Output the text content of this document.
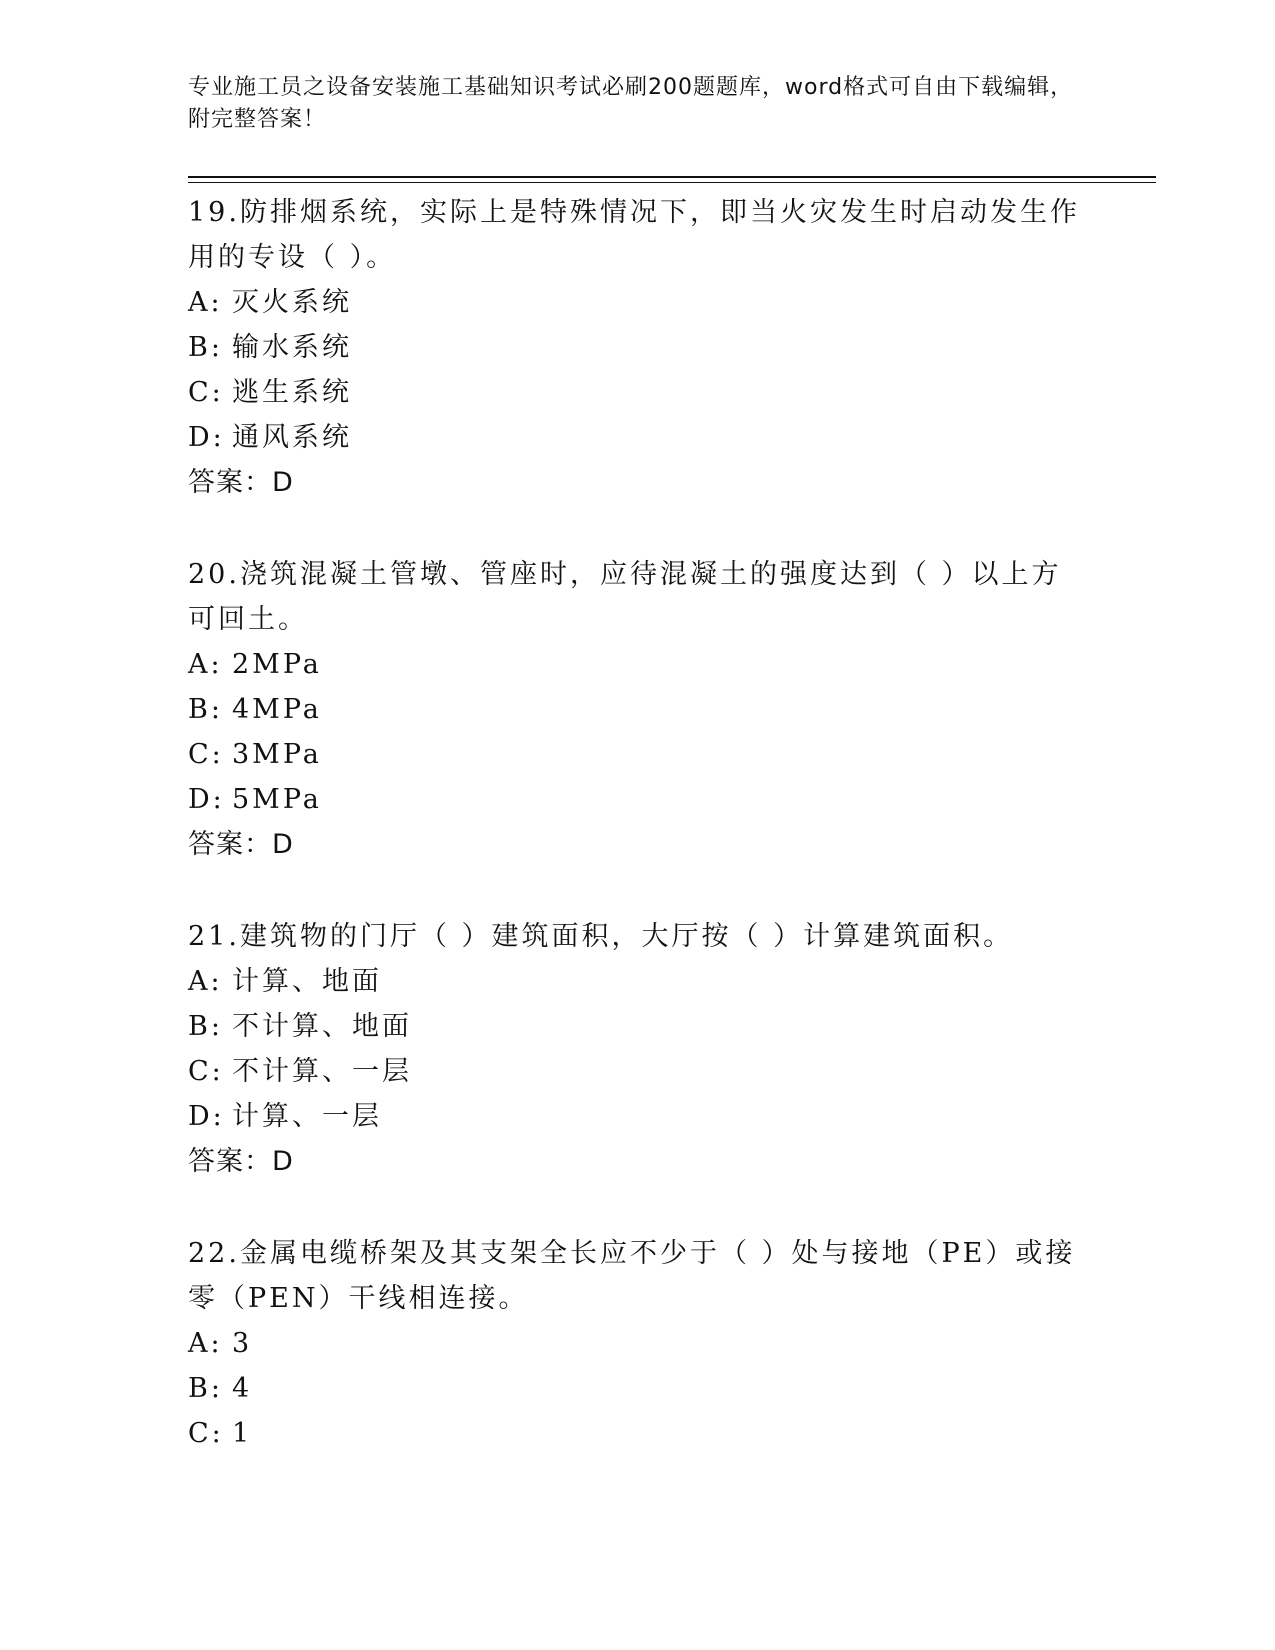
专业施工员之设备安装施工基础知识考试必刷200题题库，word格式可自由下载编辑，附完整答案！

19.防排烟系统，实际上是特殊情况下，即当火灾发生时启动发生作用的专设（ ）。

A: 灭火系统
B: 输水系统
C: 逃生系统
D: 通风系统
答案：D

20.浇筑混凝土管墩、管座时，应待混凝土的强度达到（ ）以上方可回土。

A: 2MPa
B: 4MPa
C: 3MPa
D: 5MPa
答案：D

21.建筑物的门厅（ ）建筑面积，大厅按（ ）计算建筑面积。

A: 计算、地面
B: 不计算、地面
C: 不计算、一层
D: 计算、一层
答案：D

22.金属电缆桥架及其支架全长应不少于（ ）处与接地（PE）或接零（PEN）干线相连接。

A: 3
B: 4
C: 1
